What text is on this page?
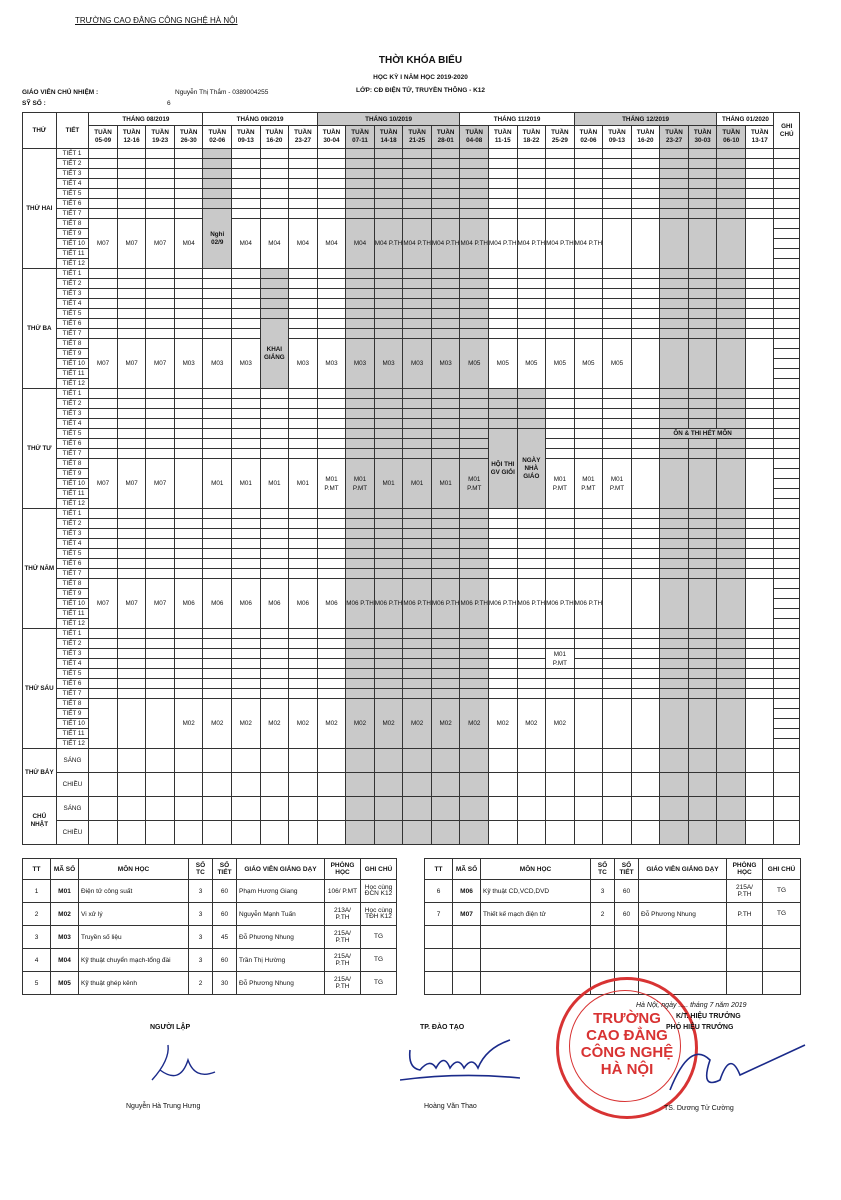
TRƯỜNG CAO ĐẲNG CÔNG NGHỆ HÀ NỘI
THỜI KHÓA BIỂU
HỌC KỲ I NĂM HỌC 2019-2020
LỚP: CĐ ĐIỆN TỬ, TRUYỀN THÔNG - K12
GIÁO VIÊN CHỦ NHIỆM :	Nguyễn Thị Thắm - 0389004255
SỸ SỐ :	6
THỨ	TIẾT	THÁNG 08/2019				THÁNG 09/2019				THÁNG 10/2019					THÁNG 11/2019				THÁNG 12/2019					THÁNG 01/2020		GHI CHÚ
		TUẦN 05-09	TUẦN 12-16	TUẦN 19-23	TUẦN 26-30	TUẦN 02-06	TUẦN 09-13	TUẦN 16-20	TUẦN 23-27	TUẦN 30-04	TUẦN 07-11	TUẦN 14-18	TUẦN 21-25	TUẦN 28-01	TUẦN 04-08	TUẦN 11-15	TUẦN 18-22	TUẦN 25-29	TUẦN 02-06	TUẦN 09-13	TUẦN 16-20	TUẦN 23-27	TUẦN 30-03	TUẦN 06-10	TUẦN 13-17	
THỨ HAI	TIẾT 1																									
	TIẾT 2																									
	TIẾT 3																									
	TIẾT 4																									
	TIẾT 5																									
	TIẾT 6																									
	TIẾT 7					Nghỉ 02/9																				
	TIẾT 8	M07	M07	M07	M04		M04	M04	M04	M04	M04	M04 P.TH	M04 P.TH	M04 P.TH	M04 P.TH	M04 P.TH	M04 P.TH	M04 P.TH	M04 P.TH							
	TIẾT 9																									
	TIẾT 10																									
	TIẾT 11																									
	TIẾT 12																									
THỨ BA	TIẾT 1																									
	TIẾT 2																									
	TIẾT 3																									
	TIẾT 4																									
	TIẾT 5																									
	TIẾT 6							KHAI GIẢNG																		
	TIẾT 7																									
	TIẾT 8	M07	M07	M07	M03	M03	M03		M03	M03	M03	M03	M03	M03	M05	M05	M05	M05	M05	M05						
	TIẾT 9																									
	TIẾT 10																									
	TIẾT 11																									
	TIẾT 12																									
THỨ TƯ	TIẾT 1																									
	TIẾT 2																									
	TIẾT 3																									
	TIẾT 4																									
	TIẾT 5															HỘI THI GV GIỎI	NGÀY NHÀ GIÁO					ÔN & THI HẾT MÔN				
	TIẾT 6																									
	TIẾT 7																									
	TIẾT 8	M07	M07	M07		M01	M01	M01	M01	M01 P.MT	M01 P.MT	M01	M01	M01	M01 P.MT			M01 P.MT	M01 P.MT	M01 P.MT						
	TIẾT 9																									
	TIẾT 10																									
	TIẾT 11																									
	TIẾT 12																									
THỨ NĂM	TIẾT 1																									
	TIẾT 2																									
	TIẾT 3																									
	TIẾT 4																									
	TIẾT 5																									
	TIẾT 6																									
	TIẾT 7																									
	TIẾT 8	M07	M07	M07	M06	M06	M06	M06	M06	M06	M06 P.TH	M06 P.TH	M06 P.TH	M06 P.TH	M06 P.TH	M06 P.TH	M06 P.TH	M06 P.TH	M06 P.TH							
	TIẾT 9																									
	TIẾT 10																									
	TIẾT 11																									
	TIẾT 12																									
THỨ SÁU	TIẾT 1																									
	TIẾT 2																									
	TIẾT 3																	M01 P.MT								
	TIẾT 4																									
	TIẾT 5																									
	TIẾT 6																									
	TIẾT 7																									
	TIẾT 8				M02	M02	M02	M02	M02	M02	M02	M02	M02	M02	M02	M02	M02	M02								
	TIẾT 9																									
	TIẾT 10																									
	TIẾT 11																									
	TIẾT 12																									
THỨ BẢY	SÁNG																									
	CHIỀU																									
CHỦ NHẬT	SÁNG																									
	CHIỀU																									
TT	MÃ SỐ	MÔN HỌC	SỐ TC	SỐ TIẾT	GIÁO VIÊN GIẢNG DẠY	PHÒNG HỌC	GHI CHÚ
1	M01	Điện tử công suất	3	60	Phạm Hương Giang	106/ P.MT	Học cùng ĐCN K12
2	M02	Vi xử lý	3	60	Nguyễn Mạnh Tuấn	213A/ P.TH	Học cùng TĐH K12
3	M03	Truyền số liệu	3	45	Đỗ Phương Nhung	215A/ P.TH	TG
4	M04	Kỹ thuật chuyển mạch-tổng đài	3	60	Trần Thị Hường	215A/ P.TH	TG
5	M05	Kỹ thuật ghép kênh	2	30	Đỗ Phương Nhung	215A/ P.TH	TG
TT	MÃ SỐ	MÔN HỌC	SỐ TC	SỐ TIẾT	GIÁO VIÊN GIẢNG DẠY	PHÒNG HỌC	GHI CHÚ
6	M06	Kỹ thuật CD,VCD,DVD	3	60		215A/ P.TH	TG
7	M07	Thiết kế mạch điện tử	2	60	Đỗ Phương Nhung	P.TH	TG

NGƯỜI LẬP
Nguyễn Hà Trung Hưng
TP. ĐÀO TẠO
Hoàng Văn Thao
TRƯỜNG
CAO ĐẲNG
CÔNG NGHỆ
HÀ NỘI
Hà Nội, ngày ..... tháng 7 năm 2019
K/T. HIỆU TRƯỞNG
PHÓ HIỆU TRƯỞNG
TS. Dương Tử Cường
